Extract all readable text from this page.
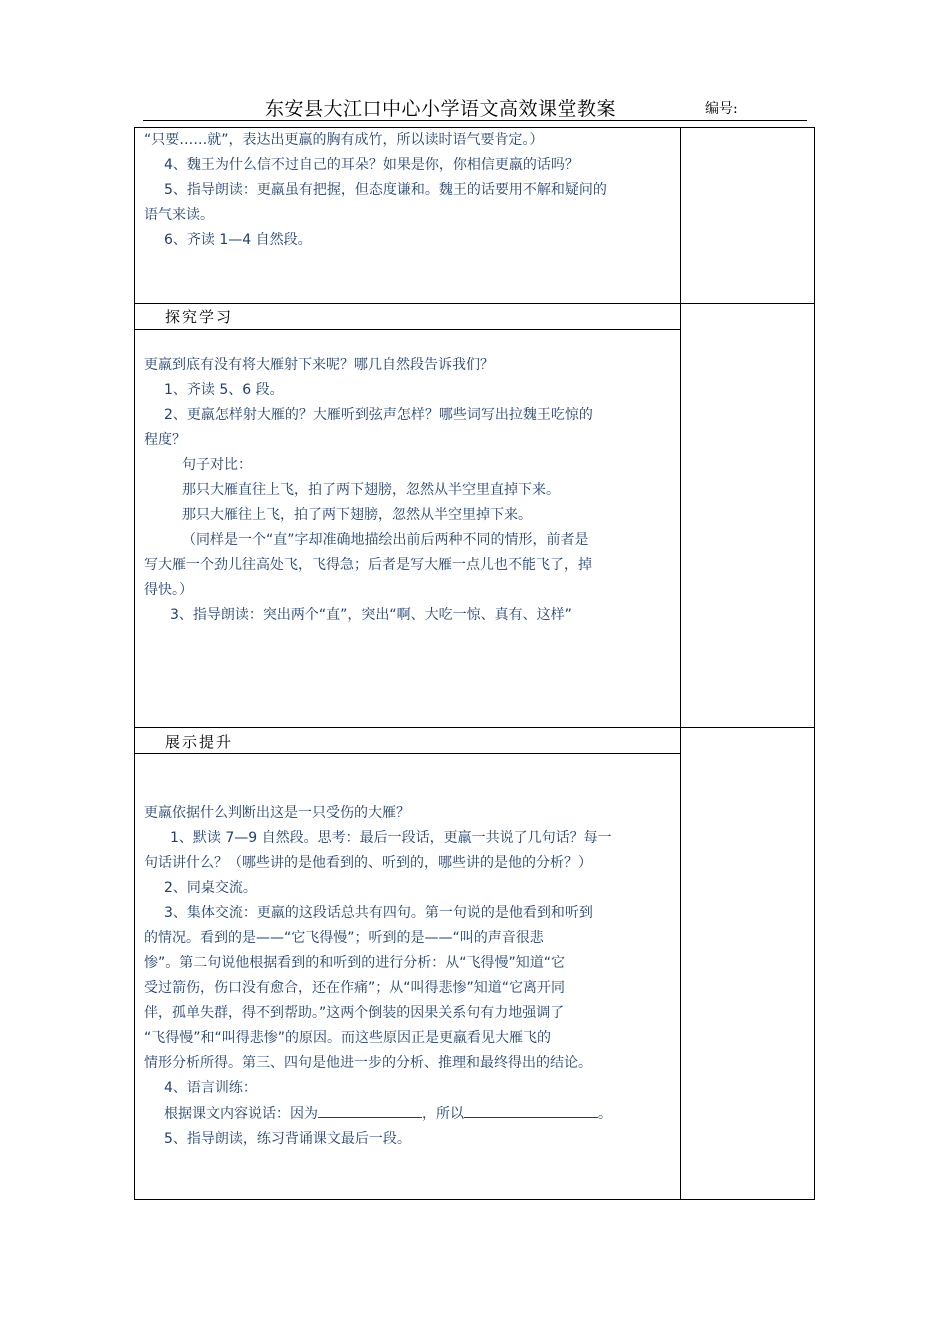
东安县大江口中心小学语文高效课堂教案	编号:
“只要……就”，表达出更羸的胸有成竹，所以读时语气要肯定。）
4、魏王为什么信不过自己的耳朵？如果是你，你相信更羸的话吗？
5、指导朗读：更羸虽有把握，但态度谦和。魏王的话要用不解和疑问的
语气来读。
6、齐读 1—4 自然段。
探究学习
更羸到底有没有将大雁射下来呢？哪几自然段告诉我们？
1、齐读 5、6 段。
2、更羸怎样射大雁的？大雁听到弦声怎样？哪些词写出拉魏王吃惊的
程度？
句子对比：
那只大雁直往上飞，拍了两下翅膀，忽然从半空里直掉下来。
那只大雁往上飞，拍了两下翅膀，忽然从半空里掉下来。
（同样是一个“直”字却准确地描绘出前后两种不同的情形，前者是
写大雁一个劲儿往高处飞，飞得急；后者是写大雁一点儿也不能飞了，掉
得快。）
3、指导朗读：突出两个“直”，突出“啊、大吃一惊、真有、这样”
展示提升
更羸依据什么判断出这是一只受伤的大雁？
1、默读 7—9 自然段。思考：最后一段话，更羸一共说了几句话？每一
句话讲什么？（哪些讲的是他看到的、听到的，哪些讲的是他的分析？）
2、同桌交流。
3、集体交流：更羸的这段话总共有四句。第一句说的是他看到和听到
的情况。看到的是——“它飞得慢”；听到的是——“叫的声音很悲
惨”。第二句说他根据看到的和听到的进行分析：从“飞得慢”知道“它
受过箭伤，伤口没有愈合，还在作痛”；从“叫得悲惨”知道“它离开同
伴，孤单失群，得不到帮助。”这两个倒装的因果关系句有力地强调了
“飞得慢”和“叫得悲惨”的原因。而这些原因正是更羸看见大雁飞的
情形分析所得。第三、四句是他进一步的分析、推理和最终得出的结论。
4、语言训练：
根据课文内容说话：因为	，所以	。
5、指导朗读，练习背诵课文最后一段。
